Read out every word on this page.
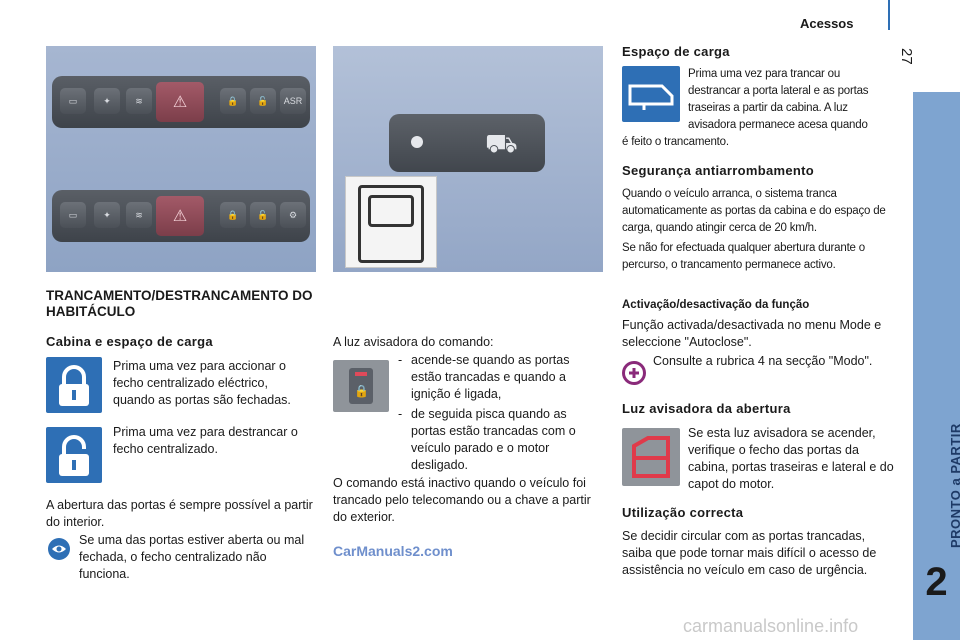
Acessos
27
PRONTO a PARTIR
2
▭	✦	≋	⚠	🔒	🔓	ASR
▭	✦	≋	⚠	🔒	🔓	⚙
⛟
TRANCAMENTO/DESTRANCAMENTO DO HABITÁCULO
Cabina e espaço de carga
Prima uma vez para accionar o fecho centralizado eléctrico, quando as portas são fechadas.
Prima uma vez para destrancar o fecho centralizado.
A abertura das portas é sempre possível a partir do interior.
Se uma das portas estiver aberta ou mal fechada, o fecho centralizado não funciona.
A luz avisadora do comando:
🔒
- acende-se quando as portas estão trancadas e quando a ignição é ligada,
- de seguida pisca quando as portas estão trancadas com o veículo parado e o motor desligado.
O comando está inactivo quando o veículo foi trancado pelo telecomando ou a chave a partir do exterior.
CarManuals2.com
Espaço de carga
Prima uma vez para trancar ou destrancar a porta lateral e as portas traseiras a partir da cabina. A luz avisadora permanece acesa quando
é feito o trancamento.
Segurança antiarrombamento
Quando o veículo arranca, o sistema tranca automaticamente as portas da cabina e do espaço de carga, quando atingir cerca de 20 km/h.
Se não for efectuada qualquer abertura durante o percurso, o trancamento permanece activo.
Activação/desactivação da função
Função activada/desactivada no menu Mode e seleccione "Autoclose".
Consulte a rubrica 4 na secção "Modo".
Luz avisadora da abertura
Se esta luz avisadora se acender, verifique o fecho das portas da cabina, portas traseiras e lateral e do capot do motor.
Utilização correcta
Se decidir circular com as portas trancadas, saiba que pode tornar mais difícil o acesso de assistência no veículo em caso de urgência.
carmanualsonline.info
